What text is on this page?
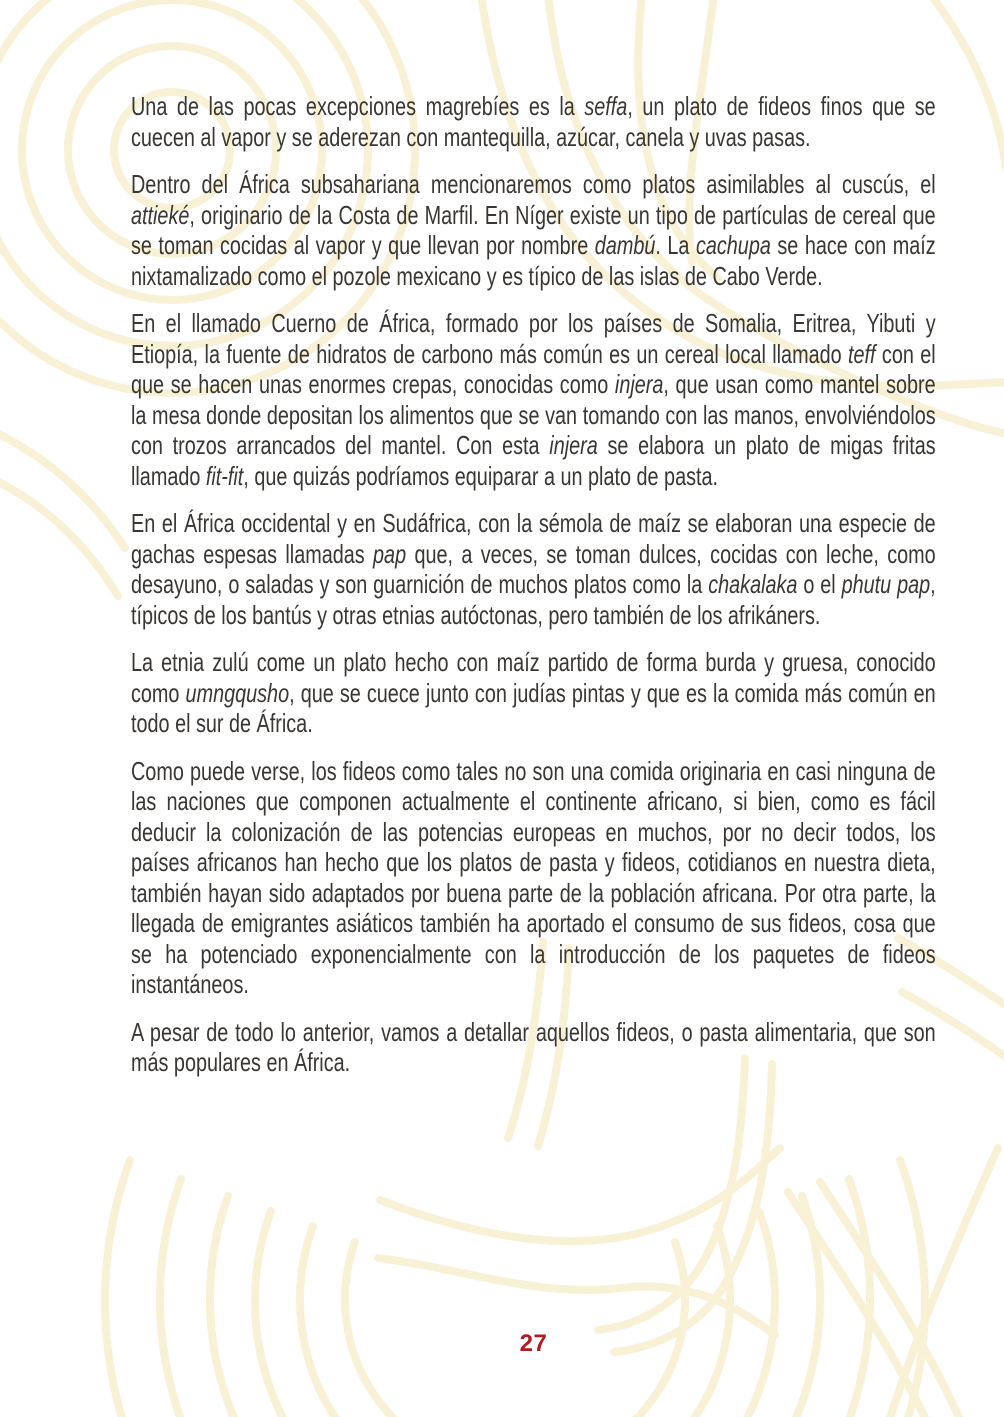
Una de las pocas excepciones magrebíes es la seffa, un plato de fideos finos que se cuecen al vapor y se aderezan con mantequilla, azúcar, canela y uvas pasas.

Dentro del África subsahariana mencionaremos como platos asimilables al cuscús, el attieké, originario de la Costa de Marfil. En Níger existe un tipo de partículas de cereal que se toman cocidas al vapor y que llevan por nombre dambú. La cachupa se hace con maíz nixtamalizado como el pozole mexicano y es típico de las islas de Cabo Verde.

En el llamado Cuerno de África, formado por los países de Somalia, Eritrea, Yibuti y Etiopía, la fuente de hidratos de carbono más común es un cereal local llamado teff con el que se hacen unas enormes crepas, conocidas como injera, que usan como mantel sobre la mesa donde depositan los alimentos que se van tomando con las manos, envolviéndolos con trozos arrancados del mantel. Con esta injera se elabora un plato de migas fritas llamado fit-fit, que quizás podríamos equiparar a un plato de pasta.

En el África occidental y en Sudáfrica, con la sémola de maíz se elaboran una especie de gachas espesas llamadas pap que, a veces, se toman dulces, cocidas con leche, como desayuno, o saladas y son guarnición de muchos platos como la chakalaka o el phutu pap, típicos de los bantús y otras etnias autóctonas, pero también de los afrikáners.

La etnia zulú come un plato hecho con maíz partido de forma burda y gruesa, conocido como umngqusho, que se cuece junto con judías pintas y que es la comida más común en todo el sur de África.

Como puede verse, los fideos como tales no son una comida originaria en casi ninguna de las naciones que componen actualmente el continente africano, si bien, como es fácil deducir la colonización de las potencias europeas en muchos, por no decir todos, los países africanos han hecho que los platos de pasta y fideos, cotidianos en nuestra dieta, también hayan sido adaptados por buena parte de la población africana. Por otra parte, la llegada de emigrantes asiáticos también ha aportado el consumo de sus fideos, cosa que se ha potenciado exponencialmente con la introducción de los paquetes de fideos instantáneos.

A pesar de todo lo anterior, vamos a detallar aquellos fideos, o pasta alimentaria, que son más populares en África.

27
